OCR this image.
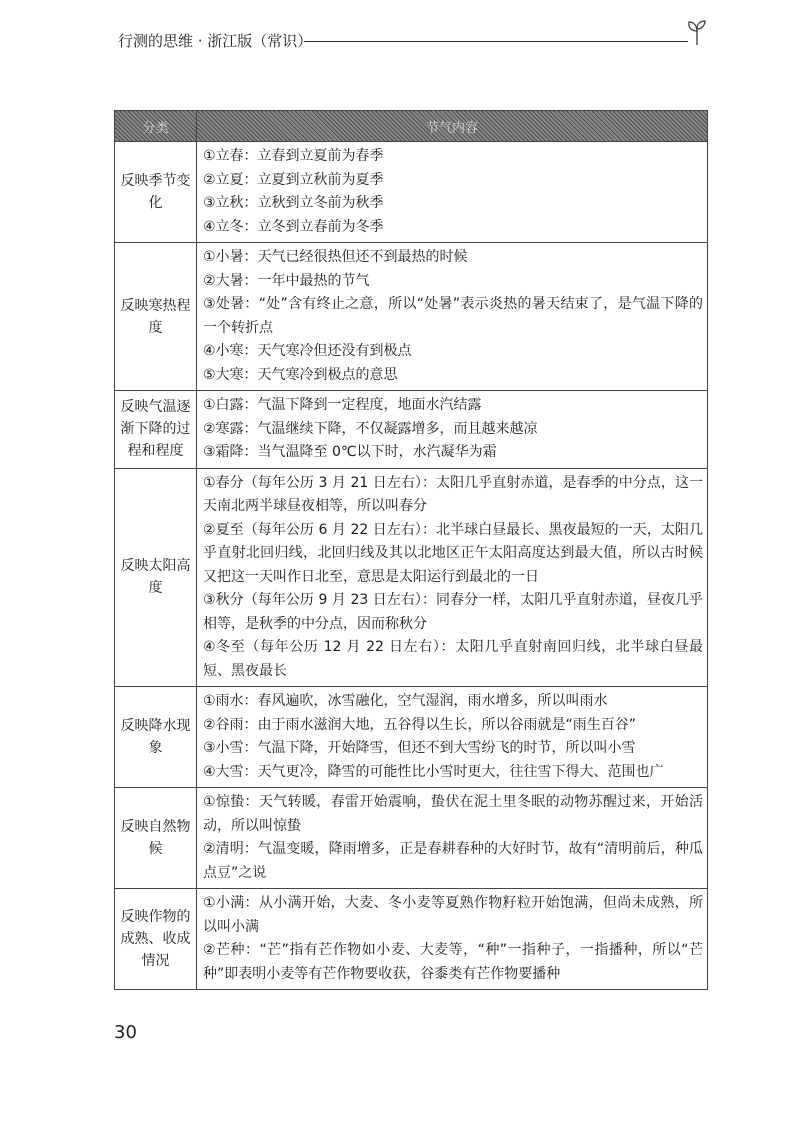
行测的思维 · 浙江版（常识）
分类	节气内容
反映季节变化	①立春：立春到立夏前为春季
②立夏：立夏到立秋前为夏季
③立秋：立秋到立冬前为秋季
④立冬：立冬到立春前为冬季

反映寒热程度	①小暑：天气已经很热但还不到最热的时候
②大暑：一年中最热的节气
③处暑：“处”含有终止之意，所以“处暑”表示炎热的暑天结束了，是气温下降的一个转折点
④小寒：天气寒冷但还没有到极点
⑤大寒：天气寒冷到极点的意思

反映气温逐渐下降的过程和程度	①白露：气温下降到一定程度，地面水汽结露
②寒露：气温继续下降，不仅凝露增多，而且越来越凉
③霜降：当气温降至 0℃以下时，水汽凝华为霜

反映太阳高度	①春分（每年公历 3 月 21 日左右）：太阳几乎直射赤道，是春季的中分点，这一天南北两半球昼夜相等，所以叫春分
②夏至（每年公历 6 月 22 日左右）：北半球白昼最长、黑夜最短的一天，太阳几乎直射北回归线，北回归线及其以北地区正午太阳高度达到最大值，所以古时候又把这一天叫作日北至，意思是太阳运行到最北的一日
③秋分（每年公历 9 月 23 日左右）：同春分一样，太阳几乎直射赤道，昼夜几乎相等，是秋季的中分点，因而称秋分
④冬至（每年公历 12 月 22 日左右）：太阳几乎直射南回归线，北半球白昼最短、黑夜最长

反映降水现象	①雨水：春风遍吹，冰雪融化，空气湿润，雨水增多，所以叫雨水
②谷雨：由于雨水滋润大地，五谷得以生长，所以谷雨就是“雨生百谷”
③小雪：气温下降，开始降雪，但还不到大雪纷飞的时节，所以叫小雪
④大雪：天气更冷，降雪的可能性比小雪时更大，往往雪下得大、范围也广

反映自然物候	①惊蛰：天气转暖，春雷开始震响，蛰伏在泥土里冬眠的动物苏醒过来，开始活动，所以叫惊蛰
②清明：气温变暖，降雨增多，正是春耕春种的大好时节，故有“清明前后，种瓜点豆”之说

反映作物的成熟、收成情况	①小满：从小满开始，大麦、冬小麦等夏熟作物籽粒开始饱满，但尚未成熟，所以叫小满
②芒种：“芒”指有芒作物如小麦、大麦等，“种”一指种子，一指播种，所以“芒种”即表明小麦等有芒作物要收获，谷黍类有芒作物要播种
30
